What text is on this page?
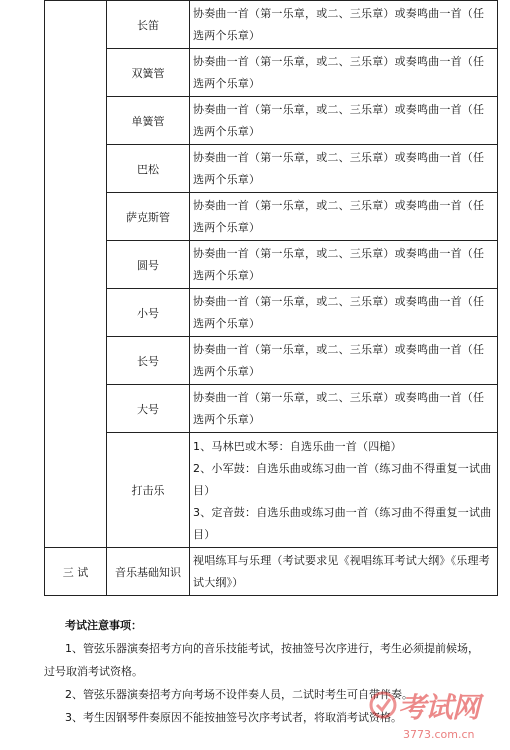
	长笛	协奏曲一首（第一乐章，或二、三乐章）或奏鸣曲一首（任
选两个乐章）

	双簧管	协奏曲一首（第一乐章，或二、三乐章）或奏鸣曲一首（任
选两个乐章）

	单簧管	协奏曲一首（第一乐章，或二、三乐章）或奏鸣曲一首（任
选两个乐章）

	巴松	协奏曲一首（第一乐章，或二、三乐章）或奏鸣曲一首（任
选两个乐章）

	萨克斯管	协奏曲一首（第一乐章，或二、三乐章）或奏鸣曲一首（任
选两个乐章）

	圆号	协奏曲一首（第一乐章，或二、三乐章）或奏鸣曲一首（任
选两个乐章）

	小号	协奏曲一首（第一乐章，或二、三乐章）或奏鸣曲一首（任
选两个乐章）

	长号	协奏曲一首（第一乐章，或二、三乐章）或奏鸣曲一首（任
选两个乐章）

	大号	协奏曲一首（第一乐章，或二、三乐章）或奏鸣曲一首（任
选两个乐章）

	打击乐	1、马林巴或木琴：自选乐曲一首（四槌）
2、小军鼓：自选乐曲或练习曲一首（练习曲不得重复一试曲
目）
3、定音鼓：自选乐曲或练习曲一首（练习曲不得重复一试曲
目）

三 试	音乐基础知识	视唱练耳与乐理（考试要求见《视唱练耳考试大纲》《乐理考
试大纲》）
考试注意事项：
1、管弦乐器演奏招考方向的音乐技能考试，按抽签号次序进行，考生必须提前候场，
过号取消考试资格。
2、管弦乐器演奏招考方向考场不设伴奏人员，二试时考生可自带伴奏。
3、考生因钢琴件奏原因不能按抽签号次序考试者，将取消考试资格。
考试网
3773.com.cn
